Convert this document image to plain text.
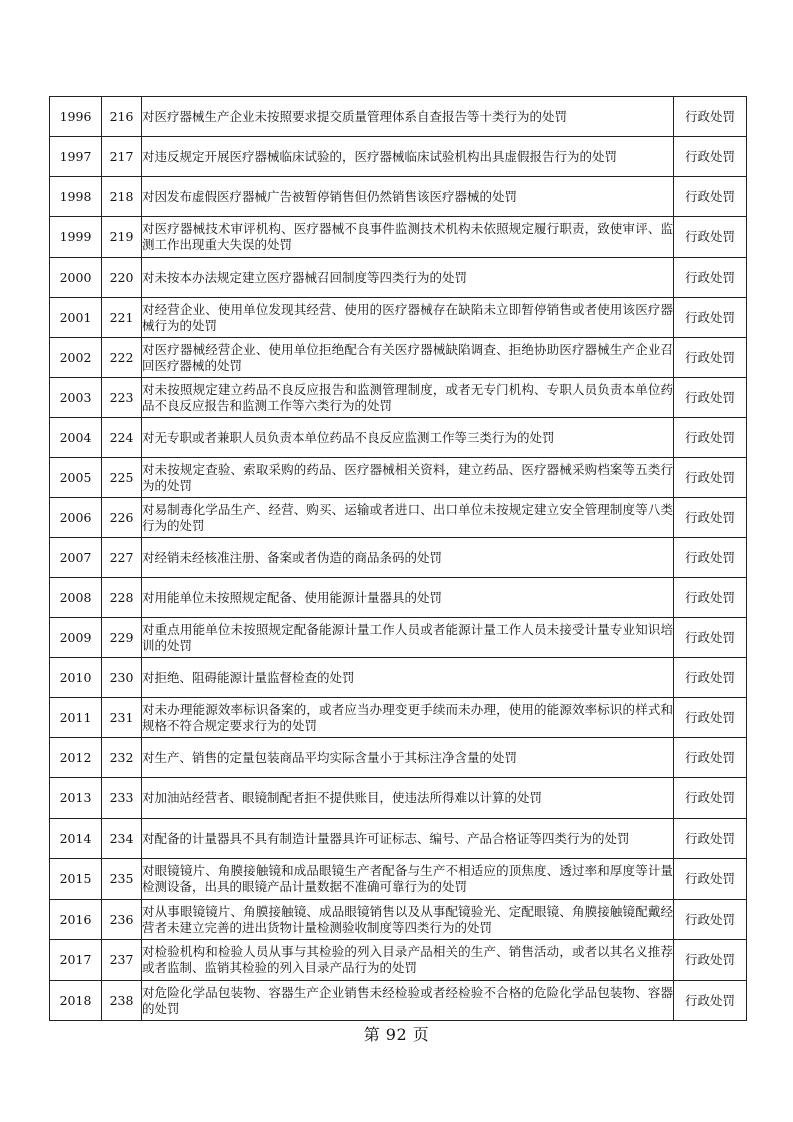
1996	216	对医疗器械生产企业未按照要求提交质量管理体系自查报告等十类行为的处罚	行政处罚
1997	217	对违反规定开展医疗器械临床试验的，医疗器械临床试验机构出具虚假报告行为的处罚	行政处罚
1998	218	对因发布虚假医疗器械广告被暂停销售但仍然销售该医疗器械的处罚	行政处罚
1999	219	对医疗器械技术审评机构、医疗器械不良事件监测技术机构未依照规定履行职责，致使审评、监测工作出现重大失误的处罚	行政处罚
2000	220	对未按本办法规定建立医疗器械召回制度等四类行为的处罚	行政处罚
2001	221	对经营企业、使用单位发现其经营、使用的医疗器械存在缺陷未立即暂停销售或者使用该医疗器械行为的处罚	行政处罚
2002	222	对医疗器械经营企业、使用单位拒绝配合有关医疗器械缺陷调查、拒绝协助医疗器械生产企业召回医疗器械的处罚	行政处罚
2003	223	对未按照规定建立药品不良反应报告和监测管理制度，或者无专门机构、专职人员负责本单位药品不良反应报告和监测工作等六类行为的处罚	行政处罚
2004	224	对无专职或者兼职人员负责本单位药品不良反应监测工作等三类行为的处罚	行政处罚
2005	225	对未按规定查验、索取采购的药品、医疗器械相关资料，建立药品、医疗器械采购档案等五类行为的处罚	行政处罚
2006	226	对易制毒化学品生产、经营、购买、运输或者进口、出口单位未按规定建立安全管理制度等八类行为的处罚	行政处罚
2007	227	对经销未经核准注册、备案或者伪造的商品条码的处罚	行政处罚
2008	228	对用能单位未按照规定配备、使用能源计量器具的处罚	行政处罚
2009	229	对重点用能单位未按照规定配备能源计量工作人员或者能源计量工作人员未接受计量专业知识培训的处罚	行政处罚
2010	230	对拒绝、阻碍能源计量监督检查的处罚	行政处罚
2011	231	对未办理能源效率标识备案的，或者应当办理变更手续而未办理，使用的能源效率标识的样式和规格不符合规定要求行为的处罚	行政处罚
2012	232	对生产、销售的定量包装商品平均实际含量小于其标注净含量的处罚	行政处罚
2013	233	对加油站经营者、眼镜制配者拒不提供账目，使违法所得难以计算的处罚	行政处罚
2014	234	对配备的计量器具不具有制造计量器具许可证标志、编号、产品合格证等四类行为的处罚	行政处罚
2015	235	对眼镜镜片、角膜接触镜和成品眼镜生产者配备与生产不相适应的顶焦度、透过率和厚度等计量检测设备，出具的眼镜产品计量数据不准确可靠行为的处罚	行政处罚
2016	236	对从事眼镜镜片、角膜接触镜、成品眼镜销售以及从事配镜验光、定配眼镜、角膜接触镜配戴经营者未建立完善的进出货物计量检测验收制度等四类行为的处罚	行政处罚
2017	237	对检验机构和检验人员从事与其检验的列入目录产品相关的生产、销售活动，或者以其名义推荐或者监制、监销其检验的列入目录产品行为的处罚	行政处罚
2018	238	对危险化学品包装物、容器生产企业销售未经检验或者经检验不合格的危险化学品包装物、容器的处罚	行政处罚
第 92 页
